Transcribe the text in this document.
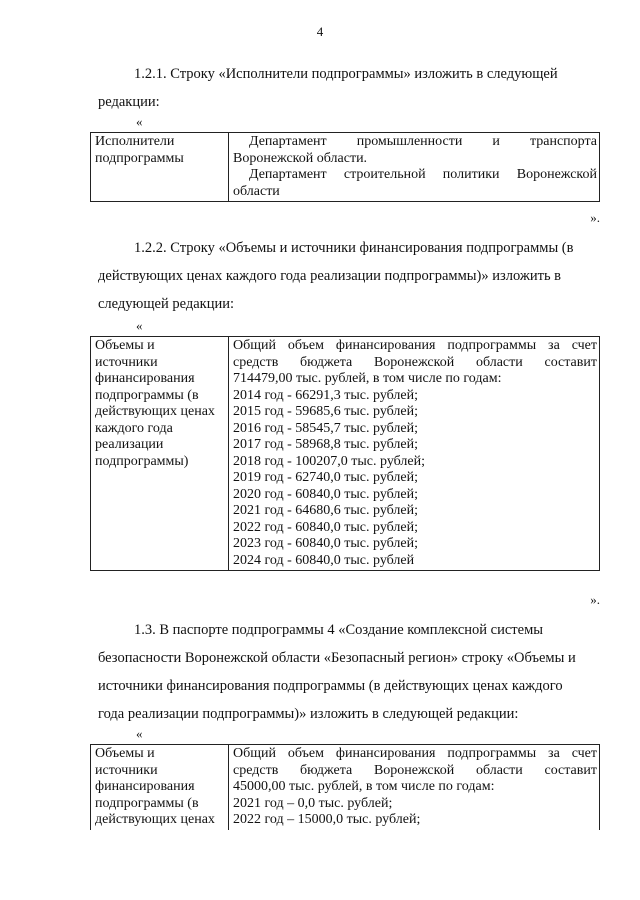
4

1.2.1. Строку «Исполнители подпрограммы» изложить в следующей
редакции:

«
Исполнители подпрограммы

Департамент промышленности и транспорта
Воронежской области.
Департамент строительной политики Воронежской
области
».

1.2.2. Строку «Объемы и источники финансирования подпрограммы (в
действующих ценах каждого года реализации подпрограммы)» изложить в
следующей редакции:

«
Объемы и
источники
финансирования
подпрограммы (в
действующих ценах
каждого года
реализации
подпрограммы)

Общий объем финансирования подпрограммы за счет
средств бюджета Воронежской области составит
714479,00 тыс. рублей, в том числе по годам:
2014 год - 66291,3 тыс. рублей;
2015 год - 59685,6 тыс. рублей;
2016 год - 58545,7 тыс. рублей;
2017 год - 58968,8 тыс. рублей;
2018 год - 100207,0 тыс. рублей;
2019 год - 62740,0 тыс. рублей;
2020 год - 60840,0 тыс. рублей;
2021 год - 64680,6 тыс. рублей;
2022 год - 60840,0 тыс. рублей;
2023 год - 60840,0 тыс. рублей;
2024 год - 60840,0 тыс. рублей
».

1.3. В паспорте подпрограммы 4 «Создание комплексной системы
безопасности Воронежской области «Безопасный регион» строку «Объемы и
источники финансирования подпрограммы (в действующих ценах каждого
года реализации подпрограммы)» изложить в следующей редакции:

«
Объемы и
источники
финансирования
подпрограммы (в
действующих ценах

Общий объем финансирования подпрограммы за счет
средств бюджета Воронежской области составит
45000,00 тыс. рублей, в том числе по годам:
2021 год – 0,0 тыс. рублей;
2022 год – 15000,0 тыс. рублей;
